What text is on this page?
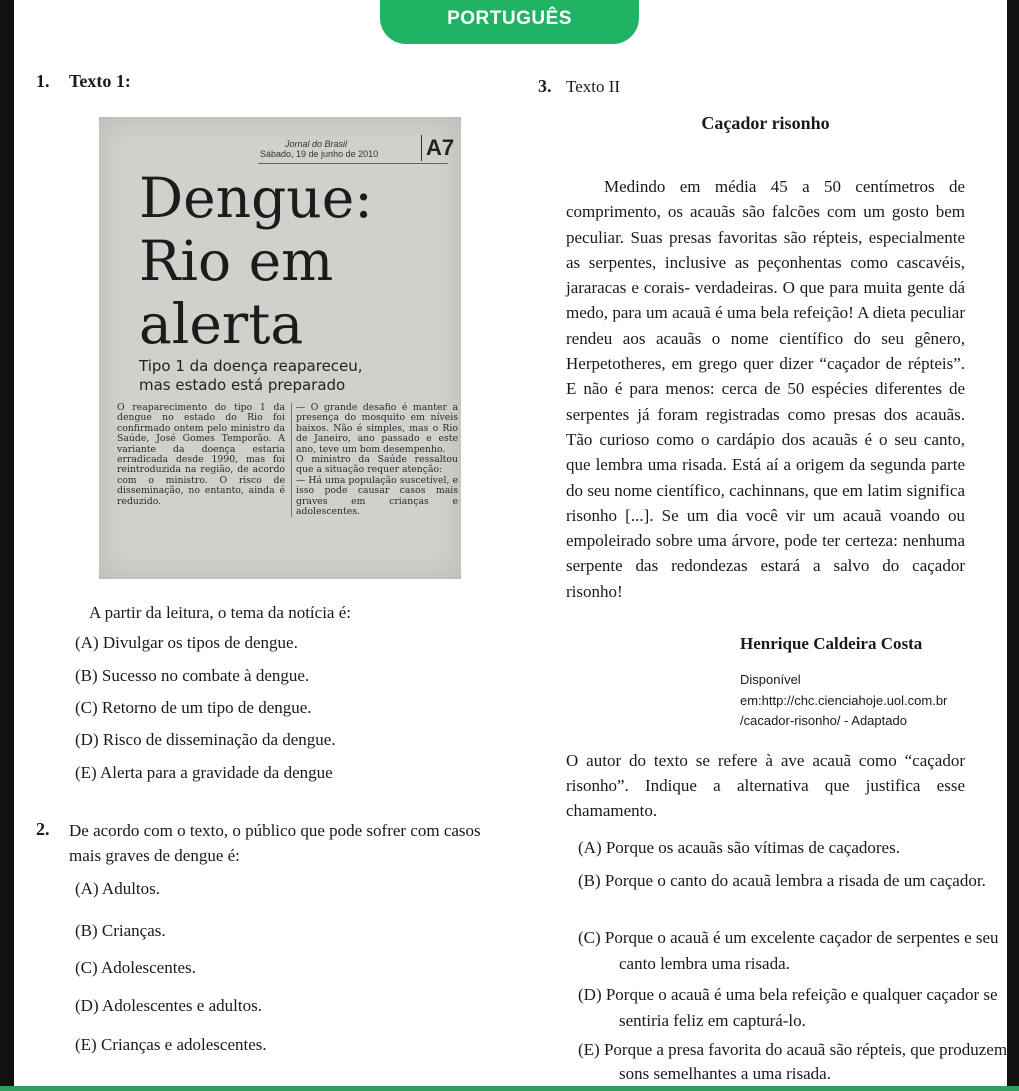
PORTUGUÊS
1. Texto 1:
Jornal do Brasil
Sábado, 19 de junho de 2010 A7
Dengue:
Rio em
alerta
Tipo 1 da doença reapareceu,
mas estado está preparado
O reaparecimento do tipo 1 da dengue no estado do Rio foi confirmado ontem pelo ministro da Saúde, José Gomes Temporão. A variante da doença estaria erradicada desde 1990, mas foi reintroduzida na região, de acordo com o ministro. O risco de disseminação, no entanto, ainda é reduzido.
— O grande desafio é manter a presença do mosquito em níveis baixos. Não é simples, mas o Rio de Janeiro, ano passado e este ano, teve um bom desempenho.
O ministro da Saúde ressaltou que a situação requer atenção:
— Há uma população suscetível, e isso pode causar casos mais graves em crianças e adolescentes.
A partir da leitura, o tema da notícia é:
(A) Divulgar os tipos de dengue.
(B) Sucesso no combate à dengue.
(C) Retorno de um tipo de dengue.
(D) Risco de disseminação da dengue.
(E) Alerta para a gravidade da dengue
2. De acordo com o texto, o público que pode sofrer com casos
mais graves de dengue é:
(A) Adultos.
(B) Crianças.
(C) Adolescentes.
(D) Adolescentes e adultos.
(E) Crianças e adolescentes.
3. Texto II
Caçador risonho
Medindo em média 45 a 50 centímetros de comprimento, os acauãs são falcões com um gosto bem peculiar. Suas presas favoritas são répteis, especialmente as serpentes, inclusive as peçonhentas como cascavéis, jararacas e corais- verdadeiras. O que para muita gente dá medo, para um acauã é uma bela refeição! A dieta peculiar rendeu aos acauãs o nome científico do seu gênero, Herpetotheres, em grego quer dizer “caçador de répteis”. E não é para menos: cerca de 50 espécies diferentes de serpentes já foram registradas como presas dos acauãs. Tão curioso como o cardápio dos acauãs é o seu canto, que lembra uma risada. Está aí a origem da segunda parte do seu nome científico, cachinnans, que em latim significa risonho [...]. Se um dia você vir um acauã voando ou empoleirado sobre uma árvore, pode ter certeza: nenhuma serpente das redondezas estará a salvo do caçador risonho!
Henrique Caldeira Costa
Disponível
em:http://chc.cienciahoje.uol.com.br
/cacador-risonho/ - Adaptado
O autor do texto se refere à ave acauã como “caçador risonho”. Indique a alternativa que justifica esse chamamento.
(A) Porque os acauãs são vítimas de caçadores.
(B) Porque o canto do acauã lembra a risada de um caçador.
(C) Porque o acauã é um excelente caçador de serpentes e seu canto lembra uma risada.
(D) Porque o acauã é uma bela refeição e qualquer caçador se sentiria feliz em capturá-lo.
(E) Porque a presa favorita do acauã são répteis, que produzem sons semelhantes a uma risada.
